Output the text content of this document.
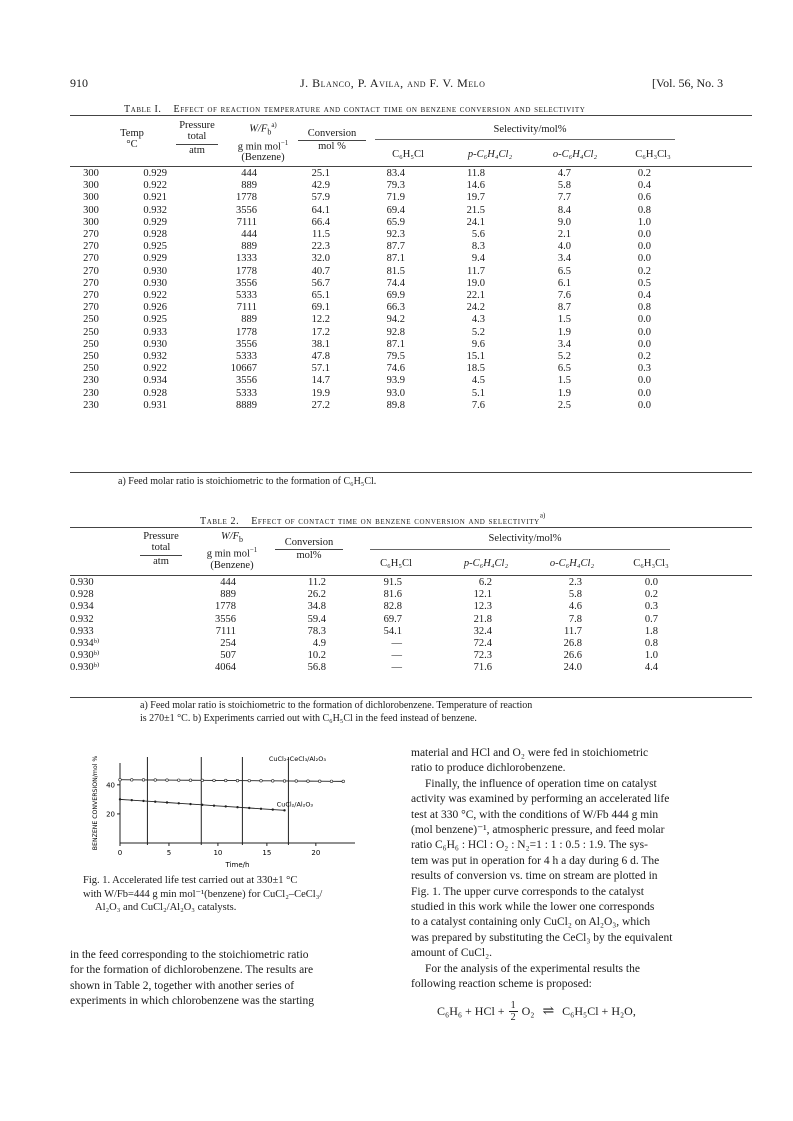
910	J. Blanco, P. Avila, and F. V. Melo	[Vol. 56, No. 3
Table I. Effect of reaction temperature and contact time on benzene conversion and selectivity
Temp
°C
Pressure
total
atm
$W/F_b^{a)}$
g min mol$^{-1}$
(Benzene)
Conversion
mol %
Selectivity/mol%
C₆H₅Cl	p-C₆H₄Cl₂	o-C₆H₄Cl₂	C₆H₃Cl₃
300	0.929	444	25.1	83.4	11.8	4.7	0.2	
300	0.922	889	42.9	79.3	14.6	5.8	0.4	
300	0.921	1778	57.9	71.9	19.7	7.7	0.6	
300	0.932	3556	64.1	69.4	21.5	8.4	0.8	
300	0.929	7111	66.4	65.9	24.1	9.0	1.0	
270	0.928	444	11.5	92.3	5.6	2.1	0.0	
270	0.925	889	22.3	87.7	8.3	4.0	0.0	
270	0.929	1333	32.0	87.1	9.4	3.4	0.0	
270	0.930	1778	40.7	81.5	11.7	6.5	0.2	
270	0.930	3556	56.7	74.4	19.0	6.1	0.5	
270	0.922	5333	65.1	69.9	22.1	7.6	0.4	
270	0.926	7111	69.1	66.3	24.2	8.7	0.8	
250	0.925	889	12.2	94.2	4.3	1.5	0.0	
250	0.933	1778	17.2	92.8	5.2	1.9	0.0	
250	0.930	3556	38.1	87.1	9.6	3.4	0.0	
250	0.932	5333	47.8	79.5	15.1	5.2	0.2	
250	0.922	10667	57.1	74.6	18.5	6.5	0.3	
230	0.934	3556	14.7	93.9	4.5	1.5	0.0	
230	0.928	5333	19.9	93.0	5.1	1.9	0.0	
230	0.931	8889	27.2	89.8	7.6	2.5	0.0	
a) Feed molar ratio is stoichiometric to the formation of C₆H₅Cl.
Table 2. Effect of contact time on benzene conversion and selectivity$^{a)}$
Pressure
total
atm
$W/F_b$
g min mol$^{-1}$
(Benzene)
Conversion
mol%
Selectivity/mol%
C₆H₅Cl	p-C₆H₄Cl₂	o-C₆H₄Cl₂	C₆H₃Cl₃
0.930	444	11.2	91.5	6.2	2.3	0.0	
0.928	889	26.2	81.6	12.1	5.8	0.2	
0.934	1778	34.8	82.8	12.3	4.6	0.3	
0.932	3556	59.4	69.7	21.8	7.8	0.7	
0.933	7111	78.3	54.1	32.4	11.7	1.8	
0.934ᵇ⁾	254	4.9	—	72.4	26.8	0.8	
0.930ᵇ⁾	507	10.2	—	72.3	26.6	1.0	
0.930ᵇ⁾	4064	56.8	—	71.6	24.0	4.4	
a) Feed molar ratio is stoichiometric to the formation of dichlorobenzene. Temperature of reaction
is 270±1 °C. b) Experiments carried out with C₆H₅Cl in the feed instead of benzene.
0	5	10	15	20
20
40
BENZENE CONVERSION/mol %
Time/h
CuCl₂–CeCl₃/Al₂O₃
CuCl₂/Al₂O₃
Fig. 1. Accelerated life test carried out at 330±1 °C
with W/Fb=444 g min mol⁻¹(benzene) for CuCl₂–CeCl₃/
Al₂O₃ and CuCl₂/Al₂O₃ catalysts.

in the feed corresponding to the stoichiometric ratio

for the formation of dichlorobenzene. The results are

shown in Table 2, together with another series of

experiments in which chlorobenzene was the starting

material and HCl and O₂ were fed in stoichiometric

ratio to produce dichlorobenzene.

Finally, the influence of operation time on catalyst

activity was examined by performing an accelerated life

test at 330 °C, with the conditions of W/Fb 444 g min

(mol benzene)⁻¹, atmospheric pressure, and feed molar

ratio C₆H₆ : HCl : O₂ : N₂=1 : 1 : 0.5 : 1.9. The sys-

tem was put in operation for 4 h a day during 6 d. The

results of conversion vs. time on stream are plotted in

Fig. 1. The upper curve corresponds to the catalyst

studied in this work while the lower one corresponds

to a catalyst containing only CuCl₂ on Al₂O₃, which

was prepared by substituting the CeCl₃ by the equivalent

amount of CuCl₂.

For the analysis of the experimental results the

following reaction scheme is proposed:

C₆H₆ + HCl + $\frac{1}{2} O_2$ ⇌ C₆H₅Cl + H₂O,
